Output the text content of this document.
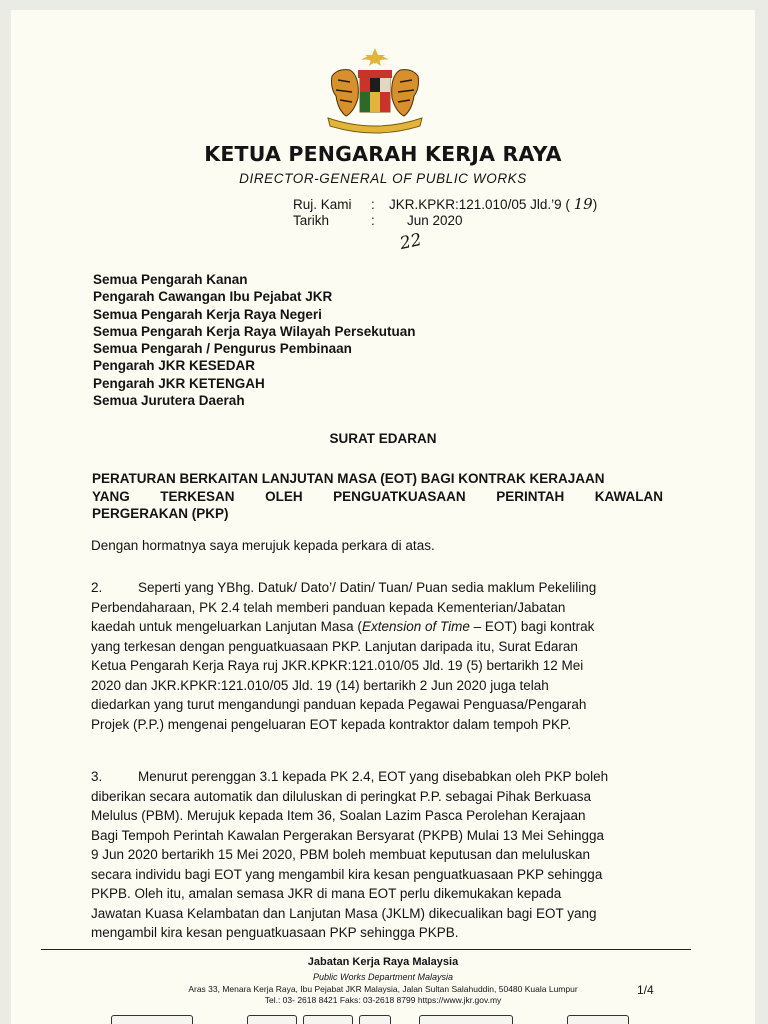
KETUA PENGARAH KERJA RAYA
DIRECTOR-GENERAL OF PUBLIC WORKS
Ruj. Kami : JKR.KPKR:121.010/05 Jld.’9 ( 19)
Tarikh	: Jun 2020
22
Semua Pengarah Kanan
Pengarah Cawangan Ibu Pejabat JKR
Semua Pengarah Kerja Raya Negeri
Semua Pengarah Kerja Raya Wilayah Persekutuan
Semua Pengarah / Pengurus Pembinaan
Pengarah JKR KESEDAR
Pengarah JKR KETENGAH
Semua Jurutera Daerah
SURAT EDARAN
PERATURAN BERKAITAN LANJUTAN MASA (EOT) BAGI KONTRAK KERAJAAN
YANG TERKESAN OLEH PENGUATKUASAAN PERINTAH KAWALAN
PERGERAKAN (PKP)
Dengan hormatnya saya merujuk kepada perkara di atas.
2.	Seperti yang YBhg. Datuk/ Dato’/ Datin/ Tuan/ Puan sedia maklum Pekeliling
Perbendaharaan, PK 2.4 telah memberi panduan kepada Kementerian/Jabatan
kaedah untuk mengeluarkan Lanjutan Masa (Extension of Time – EOT) bagi kontrak
yang terkesan dengan penguatkuasaan PKP. Lanjutan daripada itu, Surat Edaran
Ketua Pengarah Kerja Raya ruj JKR.KPKR:121.010/05 Jld. 19 (5) bertarikh 12 Mei
2020 dan JKR.KPKR:121.010/05 Jld. 19 (14) bertarikh 2 Jun 2020 juga telah
diedarkan yang turut mengandungi panduan kepada Pegawai Penguasa/Pengarah
Projek (P.P.) mengenai pengeluaran EOT kepada kontraktor dalam tempoh PKP.
3.	Menurut perenggan 3.1 kepada PK 2.4, EOT yang disebabkan oleh PKP boleh
diberikan secara automatik dan diluluskan di peringkat P.P. sebagai Pihak Berkuasa
Melulus (PBM). Merujuk kepada Item 36, Soalan Lazim Pasca Perolehan Kerajaan
Bagi Tempoh Perintah Kawalan Pergerakan Bersyarat (PKPB) Mulai 13 Mei Sehingga
9 Jun 2020 bertarikh 15 Mei 2020, PBM boleh membuat keputusan dan meluluskan
secara individu bagi EOT yang mengambil kira kesan penguatkuasaan PKP sehingga
PKPB. Oleh itu, amalan semasa JKR di mana EOT perlu dikemukakan kepada
Jawatan Kuasa Kelambatan dan Lanjutan Masa (JKLM) dikecualikan bagi EOT yang
mengambil kira kesan penguatkuasaan PKP sehingga PKPB.
Jabatan Kerja Raya Malaysia
Public Works Department Malaysia
Aras 33, Menara Kerja Raya, Ibu Pejabat JKR Malaysia, Jalan Sultan Salahuddin, 50480 Kuala Lumpur
Tel.: 03- 2618 8421 Faks: 03-2618 8799 https://www.jkr.gov.my
1/4
